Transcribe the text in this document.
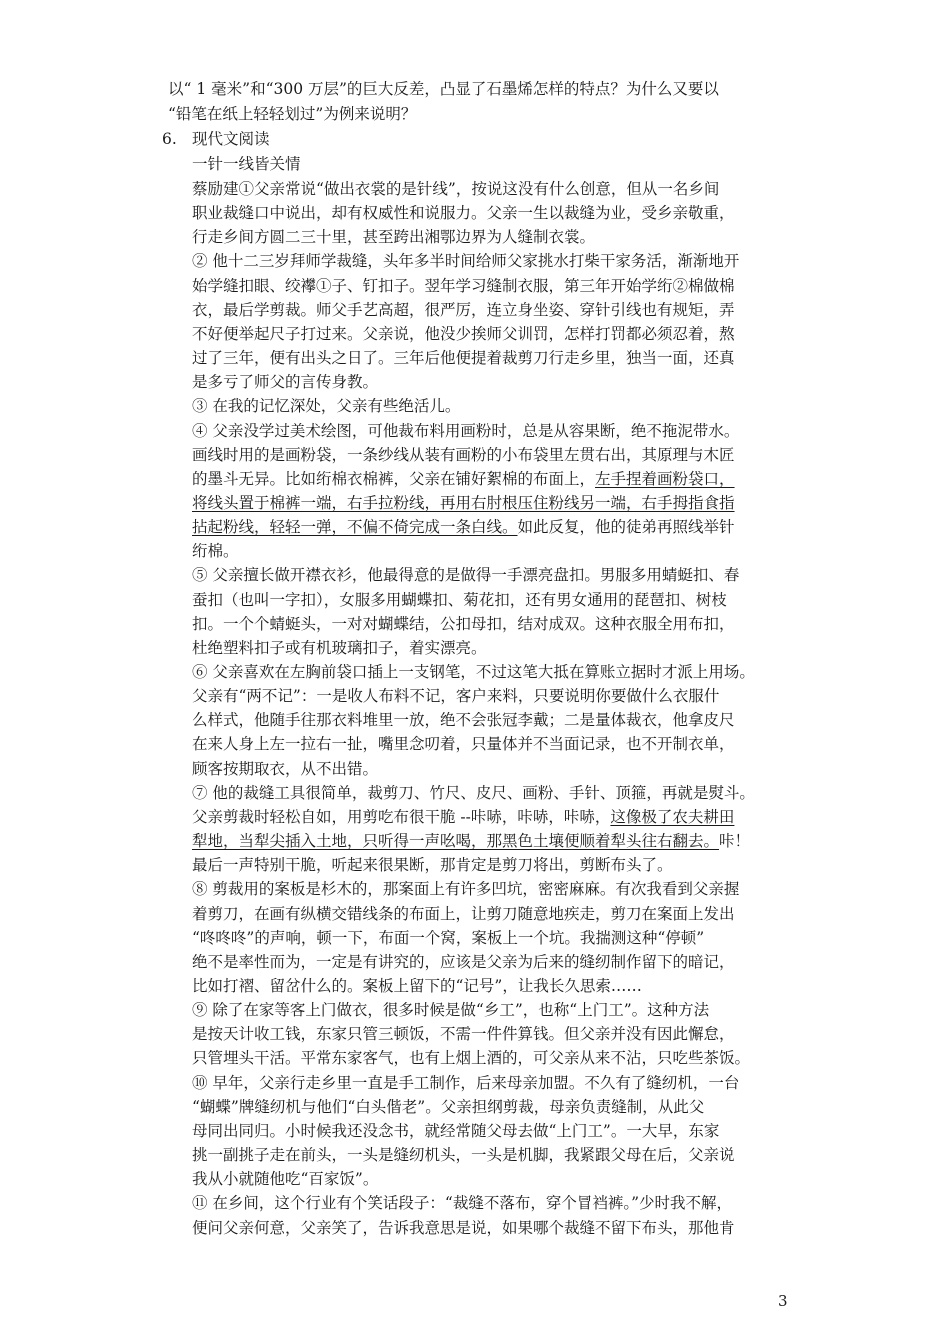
以“ 1 毫米”和“300 万层”的巨大反差，凸显了石墨烯怎样的特点？为什么又要以
“铅笔在纸上轻轻划过”为例来说明？
6. 现代文阅读
一针一线皆关情
蔡励建①父亲常说“做出衣裳的是针线”，按说这没有什么创意，但从一名乡间
职业裁缝口中说出，却有权威性和说服力。父亲一生以裁缝为业，受乡亲敬重，
行走乡间方圆二三十里，甚至跨出湘鄂边界为人缝制衣裳。
② 他十二三岁拜师学裁缝，头年多半时间给师父家挑水打柴干家务活，渐渐地开
始学缝扣眼、绞襻①子、钉扣子。翌年学习缝制衣服，第三年开始学绗②棉做棉
衣，最后学剪裁。师父手艺高超，很严厉，连立身坐姿、穿针引线也有规矩，弄
不好便举起尺子打过来。父亲说，他没少挨师父训罚，怎样打罚都必须忍着，熬
过了三年，便有出头之日了。三年后他便提着裁剪刀行走乡里，独当一面，还真
是多亏了师父的言传身教。
③ 在我的记忆深处，父亲有些绝活儿。
④ 父亲没学过美术绘图，可他裁布料用画粉时，总是从容果断，绝不拖泥带水。
画线时用的是画粉袋，一条纱线从装有画粉的小布袋里左贯右出，其原理与木匠
的墨斗无异。比如绗棉衣棉裤，父亲在铺好絮棉的布面上，左手捏着画粉袋口，
将线头置于棉裤一端，右手拉粉线，再用右肘根压住粉线另一端，右手拇指食指
拈起粉线，轻轻一弹，不偏不倚完成一条白线。如此反复，他的徒弟再照线举针
绗棉。
⑤ 父亲擅长做开襟衣衫，他最得意的是做得一手漂亮盘扣。男服多用蜻蜓扣、春
蚕扣（也叫一字扣），女服多用蝴蝶扣、菊花扣，还有男女通用的琵琶扣、树枝
扣。一个个蜻蜓头，一对对蝴蝶结，公扣母扣，结对成双。这种衣服全用布扣，
杜绝塑料扣子或有机玻璃扣子，着实漂亮。
⑥ 父亲喜欢在左胸前袋口插上一支钢笔，不过这笔大抵在算账立据时才派上用场。
父亲有“两不记”：一是收人布料不记，客户来料，只要说明你要做什么衣服什
么样式，他随手往那衣料堆里一放，绝不会张冠李戴；二是量体裁衣，他拿皮尺
在来人身上左一拉右一扯，嘴里念叨着，只量体并不当面记录，也不开制衣单，
顾客按期取衣，从不出错。
⑦ 他的裁缝工具很简单，裁剪刀、竹尺、皮尺、画粉、手针、顶箍，再就是熨斗。
父亲剪裁时轻松自如，用剪吃布很干脆 --咔哧，咔哧，咔哧，这像极了农夫耕田
犁地，当犁尖插入土地，只听得一声吆喝，那黑色土壤便顺着犁头往右翻去。咔！
最后一声特别干脆，听起来很果断，那肯定是剪刀将出，剪断布头了。
⑧ 剪裁用的案板是杉木的，那案面上有许多凹坑，密密麻麻。有次我看到父亲握
着剪刀，在画有纵横交错线条的布面上，让剪刀随意地疾走，剪刀在案面上发出
“咚咚咚”的声响，顿一下，布面一个窝，案板上一个坑。我揣测这种“停顿”
绝不是率性而为，一定是有讲究的，应该是父亲为后来的缝纫制作留下的暗记，
比如打褶、留岔什么的。案板上留下的“记号”，让我长久思索……
⑨ 除了在家等客上门做衣，很多时候是做“乡工”，也称“上门工”。这种方法
是按天计收工钱，东家只管三顿饭，不需一件件算钱。但父亲并没有因此懈怠，
只管埋头干活。平常东家客气，也有上烟上酒的，可父亲从来不沾，只吃些茶饭。
⑩ 早年，父亲行走乡里一直是手工制作，后来母亲加盟。不久有了缝纫机，一台
“蝴蝶”牌缝纫机与他们“白头偕老”。父亲担纲剪裁，母亲负责缝制，从此父
母同出同归。小时候我还没念书，就经常随父母去做“上门工”。一大早，东家
挑一副挑子走在前头，一头是缝纫机头，一头是机脚，我紧跟父母在后，父亲说
我从小就随他吃“百家饭”。
⑪ 在乡间，这个行业有个笑话段子：“裁缝不落布，穿个冒裆裤。”少时我不解，
便问父亲何意，父亲笑了，告诉我意思是说，如果哪个裁缝不留下布头，那他肯
3
